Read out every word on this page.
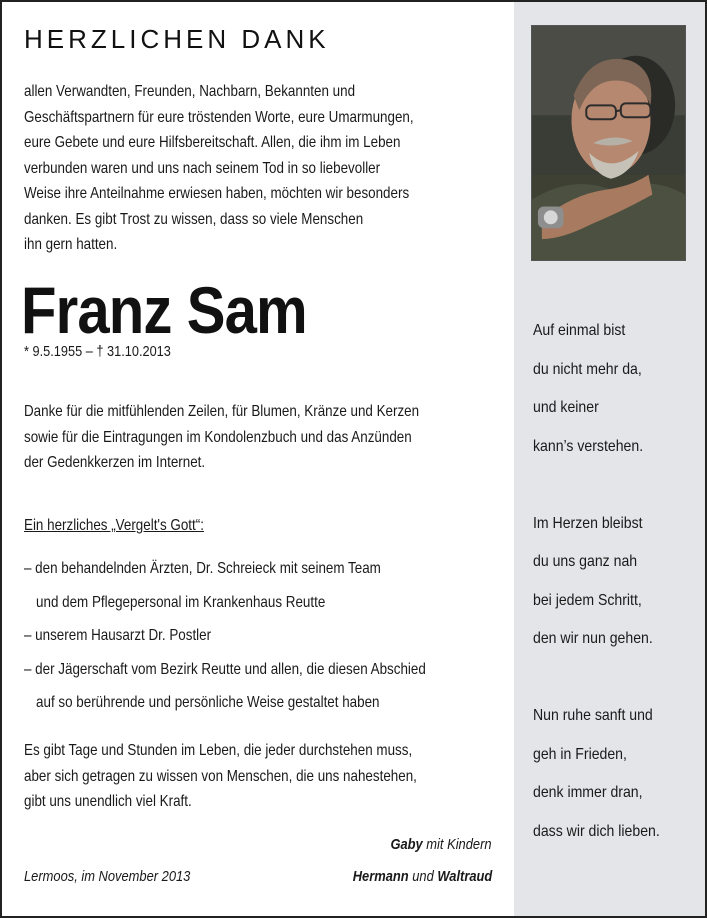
HERZLICHEN DANK
allen Verwandten, Freunden, Nachbarn, Bekannten und
Geschäftspartnern für eure tröstenden Worte, eure Umarmungen,
eure Gebete und eure Hilfsbereitschaft. Allen, die ihm im Leben
verbunden waren und uns nach seinem Tod in so liebevoller
Weise ihre Anteilnahme erwiesen haben, möchten wir besonders
danken. Es gibt Trost zu wissen, dass so viele Menschen
ihn gern hatten.
Franz Sam
* 9.5.1955 – † 31.10.2013
Danke für die mitfühlenden Zeilen, für Blumen, Kränze und Kerzen
sowie für die Eintragungen im Kondolenzbuch und das Anzünden
der Gedenkkerzen im Internet.
Ein herzliches „Vergelt's Gott“:
– den behandelnden Ärzten, Dr. Schreieck mit seinem Team
und dem Pflegepersonal im Krankenhaus Reutte
– unserem Hausarzt Dr. Postler
– der Jägerschaft vom Bezirk Reutte und allen, die diesen Abschied
auf so berührende und persönliche Weise gestaltet haben
Es gibt Tage und Stunden im Leben, die jeder durchstehen muss,
aber sich getragen zu wissen von Menschen, die uns nahestehen,
gibt uns unendlich viel Kraft.
Gaby mit Kindern
Hermann und Waltraud
Lermoos, im November 2013
Auf einmal bist
du nicht mehr da,
und keiner
kann’s verstehen.
Im Herzen bleibst
du uns ganz nah
bei jedem Schritt,
den wir nun gehen.
Nun ruhe sanft und
geh in Frieden,
denk immer dran,
dass wir dich lieben.
